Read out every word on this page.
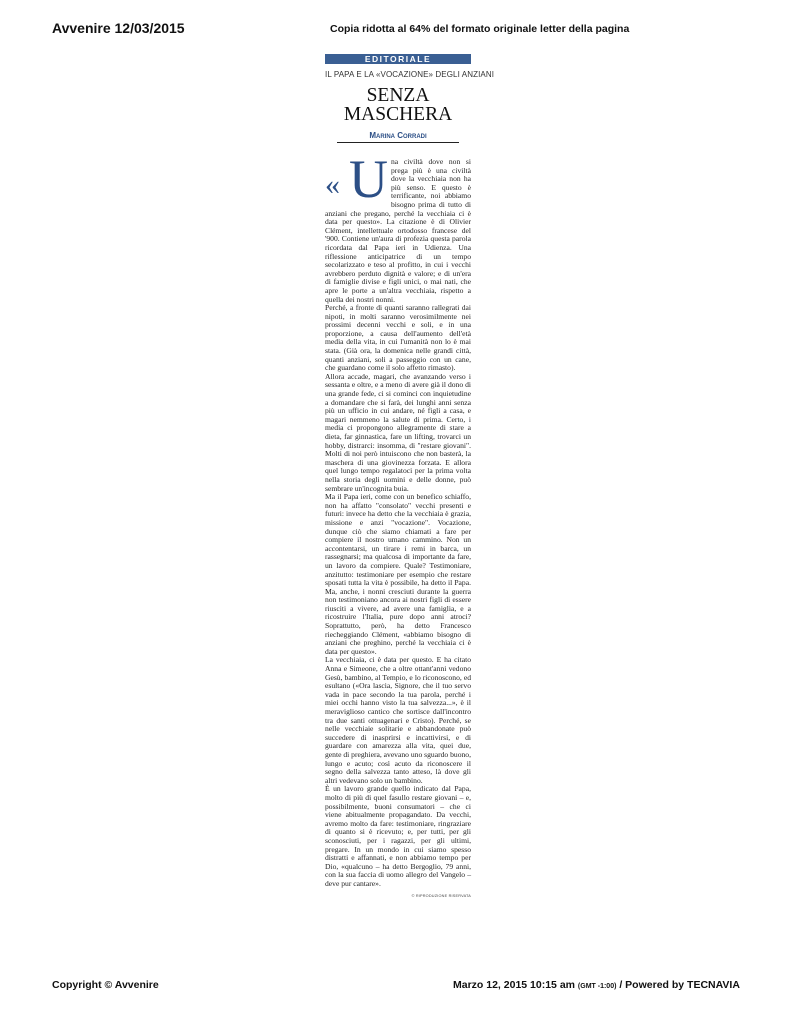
Avvenire 12/03/2015	Copia ridotta al 64% del formato originale letter della pagina
EDITORIALE
IL PAPA E LA «VOCAZIONE» DEGLI ANZIANI
SENZA
MASCHERA
Marina Corradi
« U na civiltà dove non si prega più è una civiltà dove la vecchiaia non ha più senso. E questo è terrificante, noi abbiamo bisogno prima di tutto di anziani che pregano, perché la vecchiaia ci è data per questo». La citazione è di Olivier Clément, intellettuale ortodosso francese del '900. Contiene un'aura di profezia questa parola ricordata dal Papa ieri in Udienza. Una riflessione anticipatrice di un tempo secolarizzato e teso al profitto, in cui i vecchi avrebbero perduto dignità e valore; e di un'era di famiglie divise e figli unici, o mai nati, che apre le porte a un'altra vecchiaia, rispetto a quella dei nostri nonni.

Perché, a fronte di quanti saranno rallegrati dai nipoti, in molti saranno verosimilmente nei prossimi decenni vecchi e soli, e in una proporzione, a causa dell'aumento dell'età media della vita, in cui l'umanità non lo è mai stata. (Già ora, la domenica nelle grandi città, quanti anziani, soli a passeggio con un cane, che guardano come il solo affetto rimasto).

Allora accade, magari, che avanzando verso i sessanta e oltre, e a meno di avere già il dono di una grande fede, ci si cominci con inquietudine a domandare che si farà, dei lunghi anni senza più un ufficio in cui andare, né figli a casa, e magari nemmeno la salute di prima. Certo, i media ci propongono allegramente di stare a dieta, far ginnastica, fare un lifting, trovarci un hobby, distrarci: insomma, di "restare giovani". Molti di noi però intuiscono che non basterà, la maschera di una giovinezza forzata. E allora quel lungo tempo regalatoci per la prima volta nella storia degli uomini e delle donne, può sembrare un'incognita buia.

Ma il Papa ieri, come con un benefico schiaffo, non ha affatto "consolato" vecchi presenti e futuri: invece ha detto che la vecchiaia è grazia, missione e anzi "vocazione". Vocazione, dunque ciò che siamo chiamati a fare per compiere il nostro umano cammino. Non un accontentarsi, un tirare i remi in barca, un rassegnarsi; ma qualcosa di importante da fare, un lavoro da compiere. Quale? Testimoniare, anzitutto: testimoniare per esempio che restare sposati tutta la vita è possibile, ha detto il Papa. Ma, anche, i nonni cresciuti durante la guerra non testimoniano ancora ai nostri figli di essere riusciti a vivere, ad avere una famiglia, e a ricostruire l'Italia, pure dopo anni atroci? Soprattutto, però, ha detto Francesco riecheggiando Clément, «abbiamo bisogno di anziani che preghino, perché la vecchiaia ci è data per questo».

La vecchiaia, ci è data per questo. E ha citato Anna e Simeone, che a oltre ottant'anni vedono Gesù, bambino, al Tempio, e lo riconoscono, ed esultano («Ora lascia, Signore, che il tuo servo vada in pace secondo la tua parola, perché i miei occhi hanno visto la tua salvezza...», è il meraviglioso cantico che sortisce dall'incontro tra due santi ottuagenari e Cristo). Perché, se nelle vecchiaie solitarie e abbandonate può succedere di inasprirsi e incattivirsi, e di guardare con amarezza alla vita, quei due, gente di preghiera, avevano uno sguardo buono, lungo e acuto; così acuto da riconoscere il segno della salvezza tanto atteso, là dove gli altri vedevano solo un bambino.

È un lavoro grande quello indicato dal Papa, molto di più di quel fasullo restare giovani – e, possibilmente, buoni consumatori – che ci viene abitualmente propagandato. Da vecchi, avremo molto da fare: testimoniare, ringraziare di quanto si è ricevuto; e, per tutti, per gli sconosciuti, per i ragazzi, per gli ultimi, pregare. In un mondo in cui siamo spesso distratti e affannati, e non abbiamo tempo per Dio, «qualcuno – ha detto Bergoglio, 79 anni, con la sua faccia di uomo allegro del Vangelo – deve pur cantare».

© RIPRODUZIONE RISERVATA
Copyright © Avvenire	Marzo 12, 2015 10:15 am (GMT -1:00) / Powered by TECNAVIA
